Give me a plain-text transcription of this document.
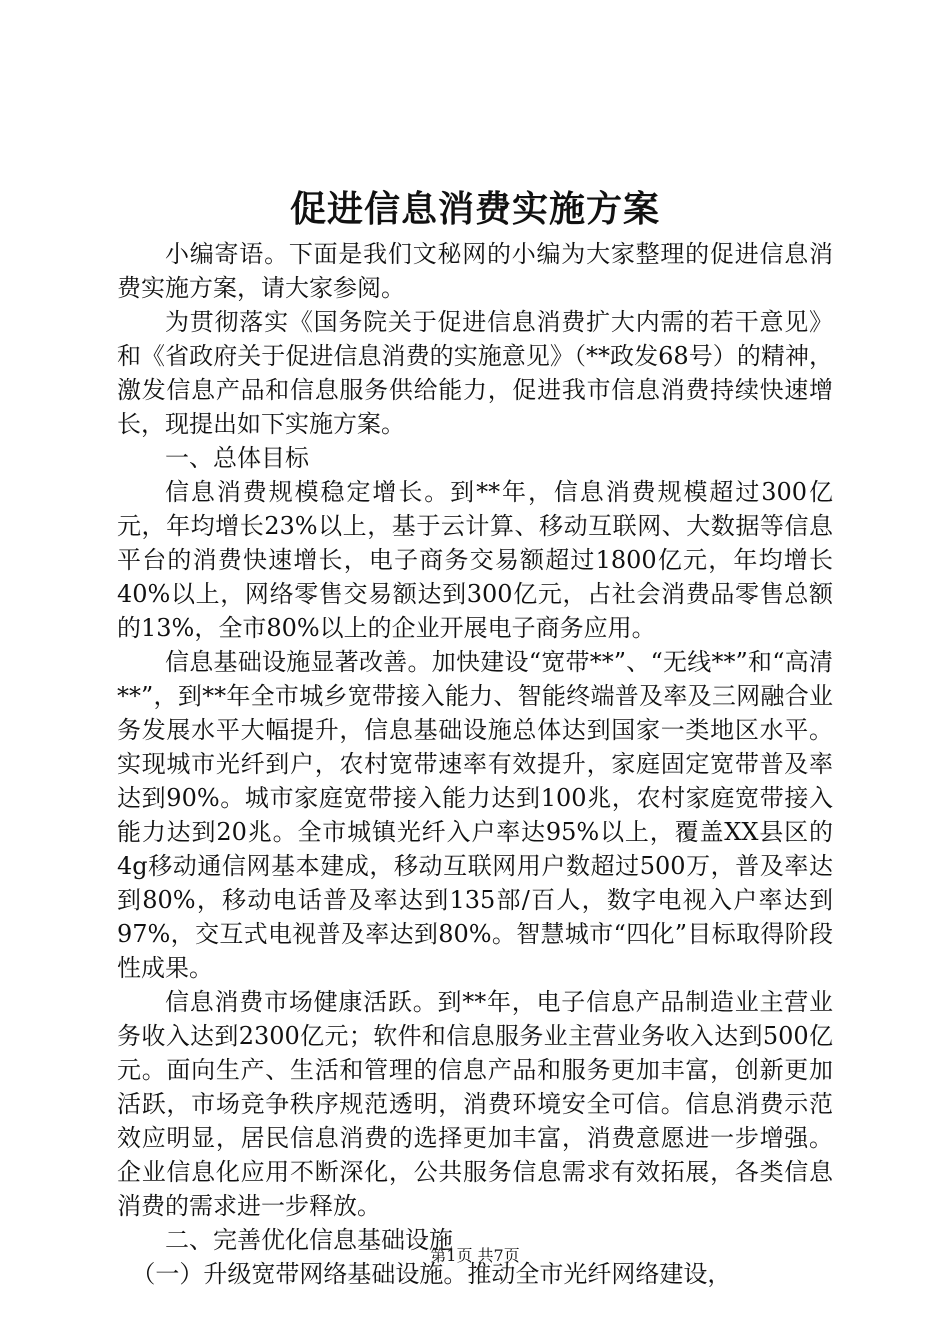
促进信息消费实施方案

小编寄语。下面是我们文秘网的小编为大家整理的促进信息消费实施方案，请大家参阅。

为贯彻落实《国务院关于促进信息消费扩大内需的若干意见》和《省政府关于促进信息消费的实施意见》（**政发68号）的精神，激发信息产品和信息服务供给能力，促进我市信息消费持续快速增长，现提出如下实施方案。

一、总体目标

信息消费规模稳定增长。到**年，信息消费规模超过300亿元，年均增长23%以上，基于云计算、移动互联网、大数据等信息平台的消费快速增长，电子商务交易额超过1800亿元，年均增长40%以上，网络零售交易额达到300亿元，占社会消费品零售总额的13%，全市80%以上的企业开展电子商务应用。

信息基础设施显著改善。加快建设“宽带**”、“无线**”和“高清**”，到**年全市城乡宽带接入能力、智能终端普及率及三网融合业务发展水平大幅提升，信息基础设施总体达到国家一类地区水平。实现城市光纤到户，农村宽带速率有效提升，家庭固定宽带普及率达到90%。城市家庭宽带接入能力达到100兆，农村家庭宽带接入能力达到20兆。全市城镇光纤入户率达95%以上，覆盖XX县区的4g移动通信网基本建成，移动互联网用户数超过500万，普及率达到80%，移动电话普及率达到135部/百人，数字电视入户率达到97%，交互式电视普及率达到80%。智慧城市“四化”目标取得阶段性成果。

信息消费市场健康活跃。到**年，电子信息产品制造业主营业务收入达到2300亿元；软件和信息服务业主营业务收入达到500亿元。面向生产、生活和管理的信息产品和服务更加丰富，创新更加活跃，市场竞争秩序规范透明，消费环境安全可信。信息消费示范效应明显，居民信息消费的选择更加丰富，消费意愿进一步增强。企业信息化应用不断深化，公共服务信息需求有效拓展，各类信息消费的需求进一步释放。

二、完善优化信息基础设施

（一）升级宽带网络基础设施。推动全市光纤网络建设，

第1页 共7页
